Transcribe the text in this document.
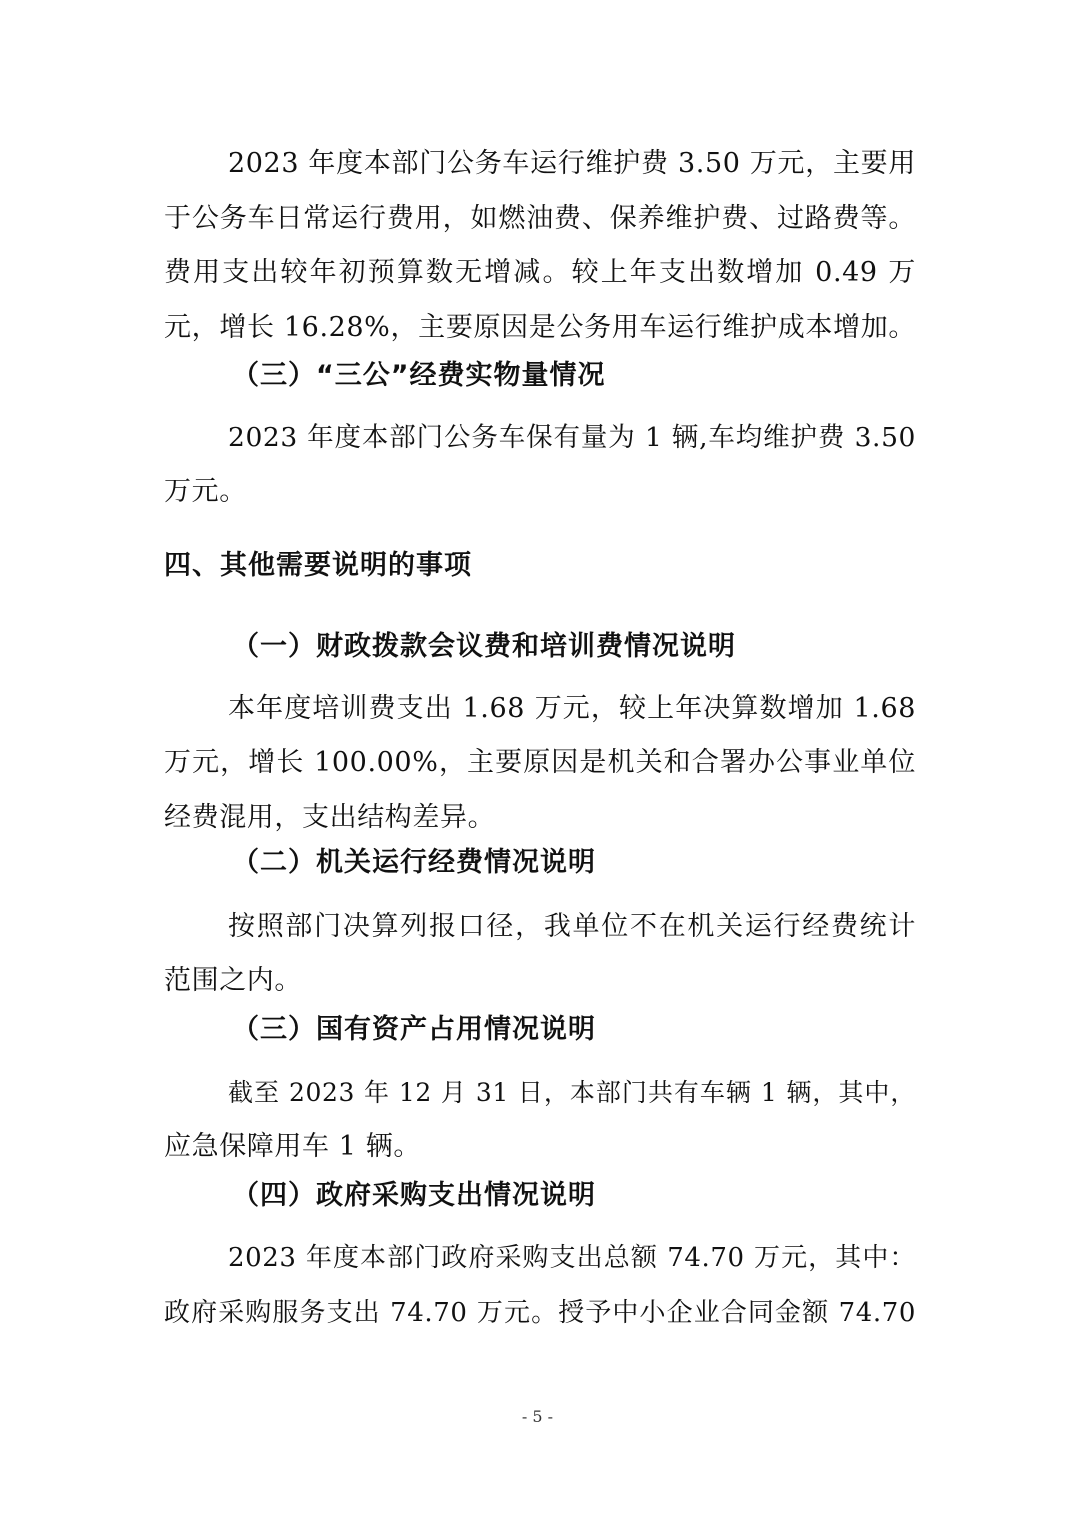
2023 年度本部门公务车运行维护费 3.50 万元，主要用
于公务车日常运行费用，如燃油费、保养维护费、过路费等。
费用支出较年初预算数无增减。较上年支出数增加 0.49 万
元，增长 16.28%，主要原因是公务用车运行维护成本增加。
（三）“三公”经费实物量情况
2023 年度本部门公务车保有量为 1 辆,车均维护费 3.50
万元。
四、其他需要说明的事项
（一）财政拨款会议费和培训费情况说明
本年度培训费支出 1.68 万元，较上年决算数增加 1.68
万元，增长 100.00%，主要原因是机关和合署办公事业单位
经费混用，支出结构差异。
（二）机关运行经费情况说明
按照部门决算列报口径，我单位不在机关运行经费统计
范围之内。
（三）国有资产占用情况说明
截至 2023 年 12 月 31 日，本部门共有车辆 1 辆，其中，
应急保障用车 1 辆。
（四）政府采购支出情况说明
2023 年度本部门政府采购支出总额 74.70 万元，其中：
政府采购服务支出 74.70 万元。授予中小企业合同金额 74.70
- 5 -
